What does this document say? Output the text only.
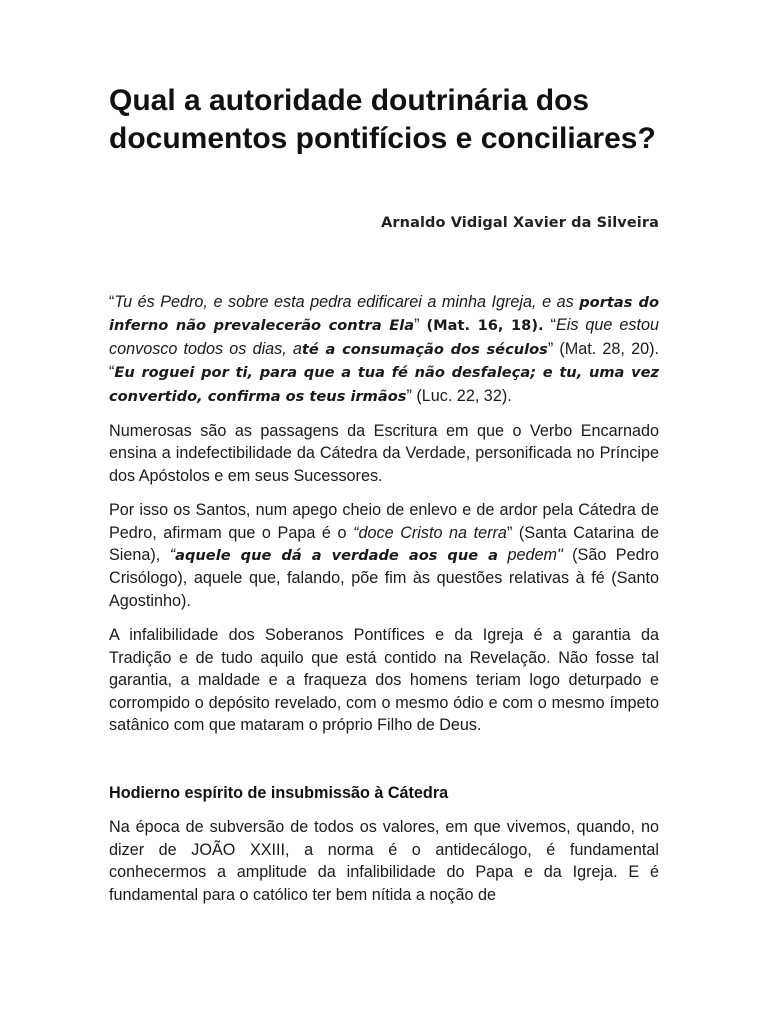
Qual a autoridade doutrinária dos documentos pontifícios e conciliares?
Arnaldo Vidigal Xavier da Silveira

“Tu és Pedro, e sobre esta pedra edificarei a minha Igreja, e as portas do inferno não prevalecerão contra Ela” (Mat. 16, 18). “Eis que estou convosco todos os dias, até a consumação dos séculos” (Mat. 28, 20). “Eu roguei por ti, para que a tua fé não desfaleça; e tu, uma vez convertido, confirma os teus irmãos” (Luc. 22, 32).

Numerosas são as passagens da Escritura em que o Verbo Encarnado ensina a indefectibilidade da Cátedra da Verdade, personificada no Príncipe dos Apóstolos e em seus Sucessores.

Por isso os Santos, num apego cheio de enlevo e de ardor pela Cátedra de Pedro, afirmam que o Papa é o “doce Cristo na terra” (Santa Catarina de Siena), “aquele que dá a verdade aos que a pedem" (São Pedro Crisólogo), aquele que, falando, põe fim às questões relativas à fé (Santo Agostinho).

A infalibilidade dos Soberanos Pontífices e da Igreja é a garantia da Tradição e de tudo aquilo que está contido na Revelação. Não fosse tal garantia, a maldade e a fraqueza dos homens teriam logo deturpado e corrompido o depósito revelado, com o mesmo ódio e com o mesmo ímpeto satânico com que mataram o próprio Filho de Deus.

Hodierno espírito de insubmissão à Cátedra

Na época de subversão de todos os valores, em que vivemos, quando, no dizer de JOÃO XXIII, a norma é o antidecálogo, é fundamental conhecermos a amplitude da infalibilidade do Papa e da Igreja. E é fundamental para o católico ter bem nítida a noção de
